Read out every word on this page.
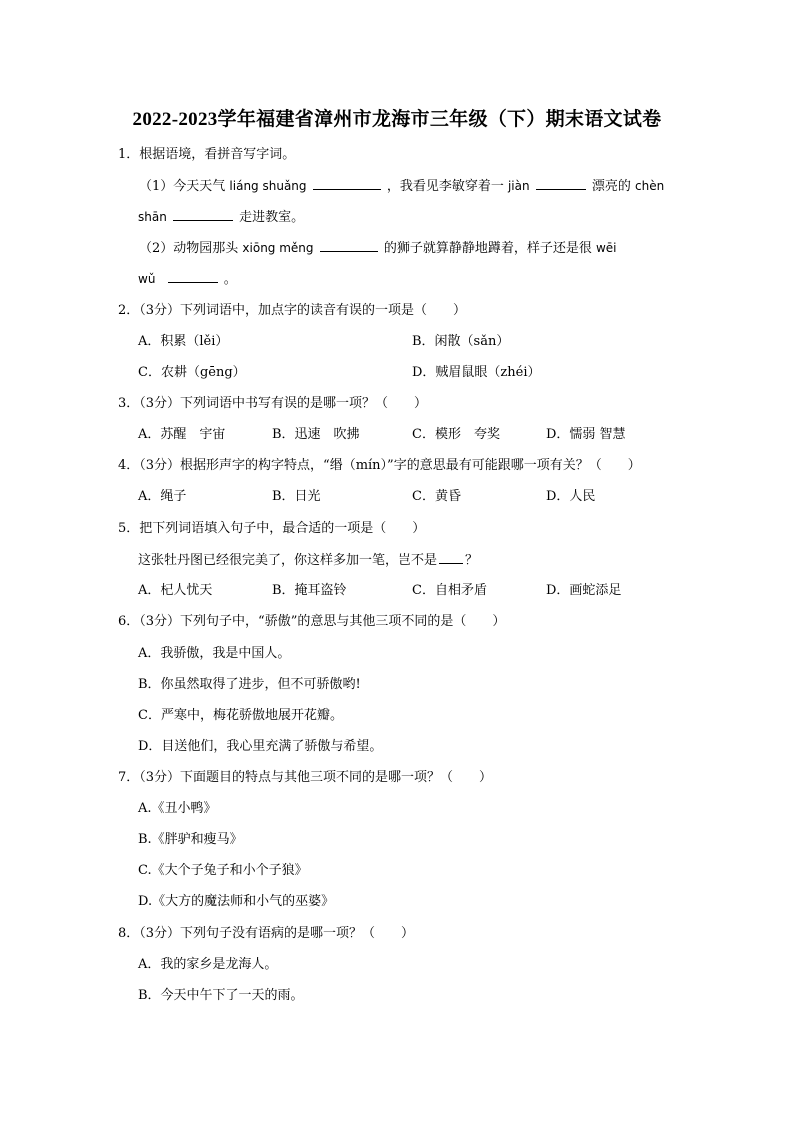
2022-2023学年福建省漳州市龙海市三年级（下）期末语文试卷
1．根据语境，看拼音写字词。
（1）今天天气 liáng shuǎng	，我看见李敏穿着一 jiàn	漂亮的 chèn
shān	走进教室。
（2）动物园那头 xiōng měng	的狮子就算静静地蹲着，样子还是很 wēi
wǔ	。
2．（3分）下列词语中，加点字的读音有误的一项是（　　）
A．积累（lěi）	B．闲散（sǎn）
C．农耕（gēng）	D．贼眉鼠眼（zhéi）
3．（3分）下列词语中书写有误的是哪一项？（　　）
A．苏醒　宇宙	B．迅速　吹拂	C．模形　夸奖	D．懦弱 智慧
4．（3分）根据形声字的构字特点，“缗（mín）”字的意思最有可能跟哪一项有关？（　　）
A．绳子	B．日光	C．黄昏	D．人民
5．把下列词语填入句子中，最合适的一项是（　　）
这张牡丹图已经很完美了，你这样多加一笔，岂不是 ？
A．杞人忧天	B．掩耳盗铃	C．自相矛盾	D．画蛇添足
6．（3分）下列句子中，“骄傲”的意思与其他三项不同的是（　　）
A．我骄傲，我是中国人。
B．你虽然取得了进步，但不可骄傲哟!
C．严寒中，梅花骄傲地展开花瓣。
D．目送他们，我心里充满了骄傲与希望。
7．（3分）下面题目的特点与其他三项不同的是哪一项？（　　）
A.《丑小鸭》
B.《胖驴和瘦马》
C.《大个子兔子和小个子狼》
D.《大方的魔法师和小气的巫婆》
8．（3分）下列句子没有语病的是哪一项？（　　）
A．我的家乡是龙海人。
B．今天中午下了一天的雨。
